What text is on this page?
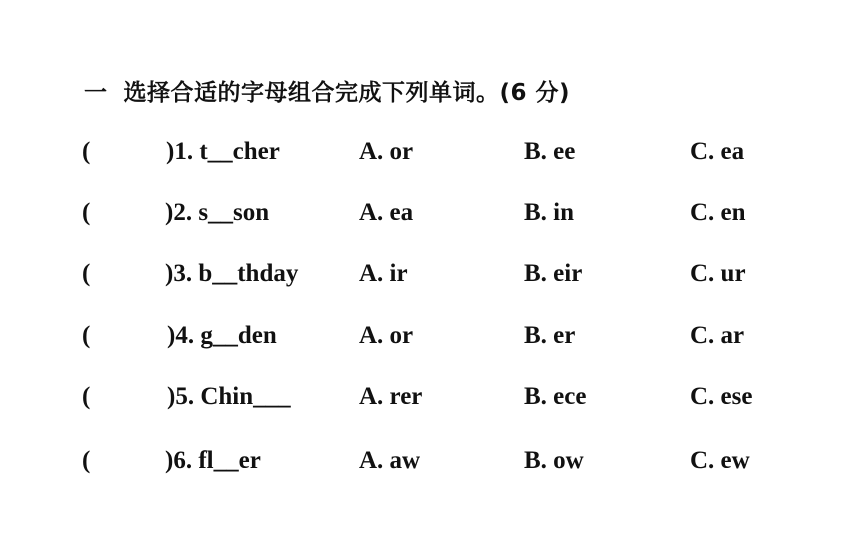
一 选择合适的字母组合完成下列单词。(6 分)
(	)1. t__cher	A. or	B. ee	C. ea
(	)2. s__son	A. ea	B. in	C. en
(	)3. b__thday A. ir	B. eir	C. ur
(	)4. g__den	A. or	B. er	C. ar
(	)5. Chin___	A. rer	B. ece	C. ese
(	)6. fl__er	A. aw	B. ow	C. ew
